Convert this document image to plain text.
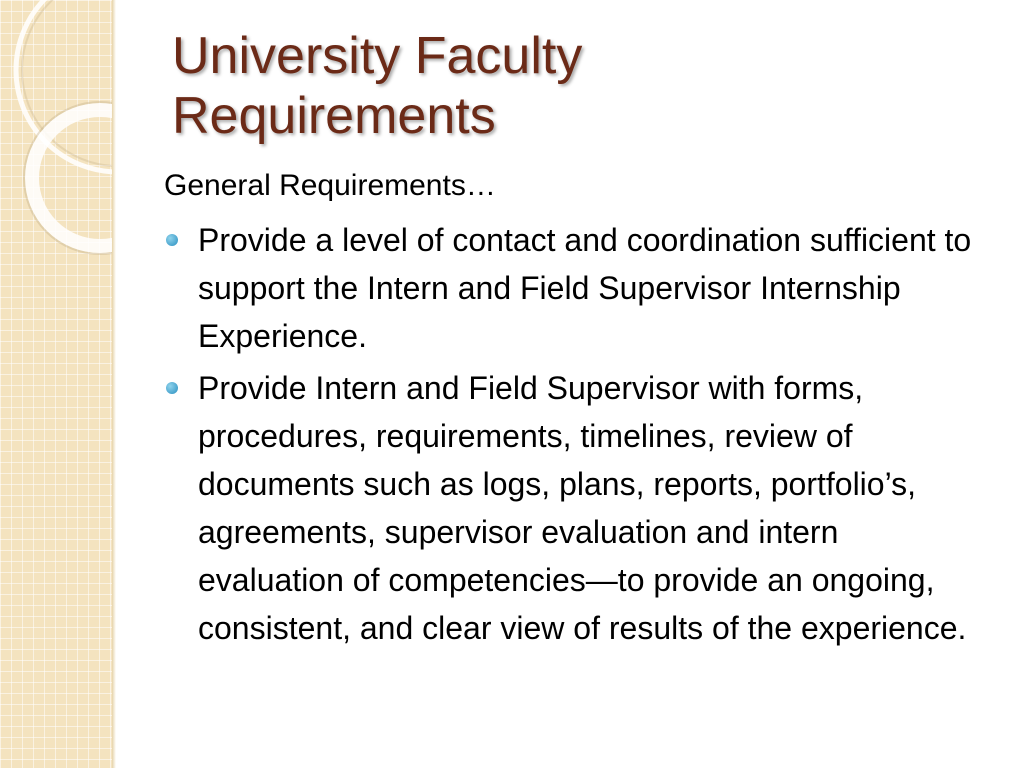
University Faculty
Requirements

General Requirements…

Provide a level of contact and coordination sufficient to support the Intern and Field Supervisor Internship Experience.
Provide Intern and Field Supervisor with forms, procedures, requirements, timelines, review of documents such as logs, plans, reports, portfolio’s, agreements, supervisor evaluation and intern evaluation of competencies—to provide an ongoing, consistent, and clear view of results of the experience.
